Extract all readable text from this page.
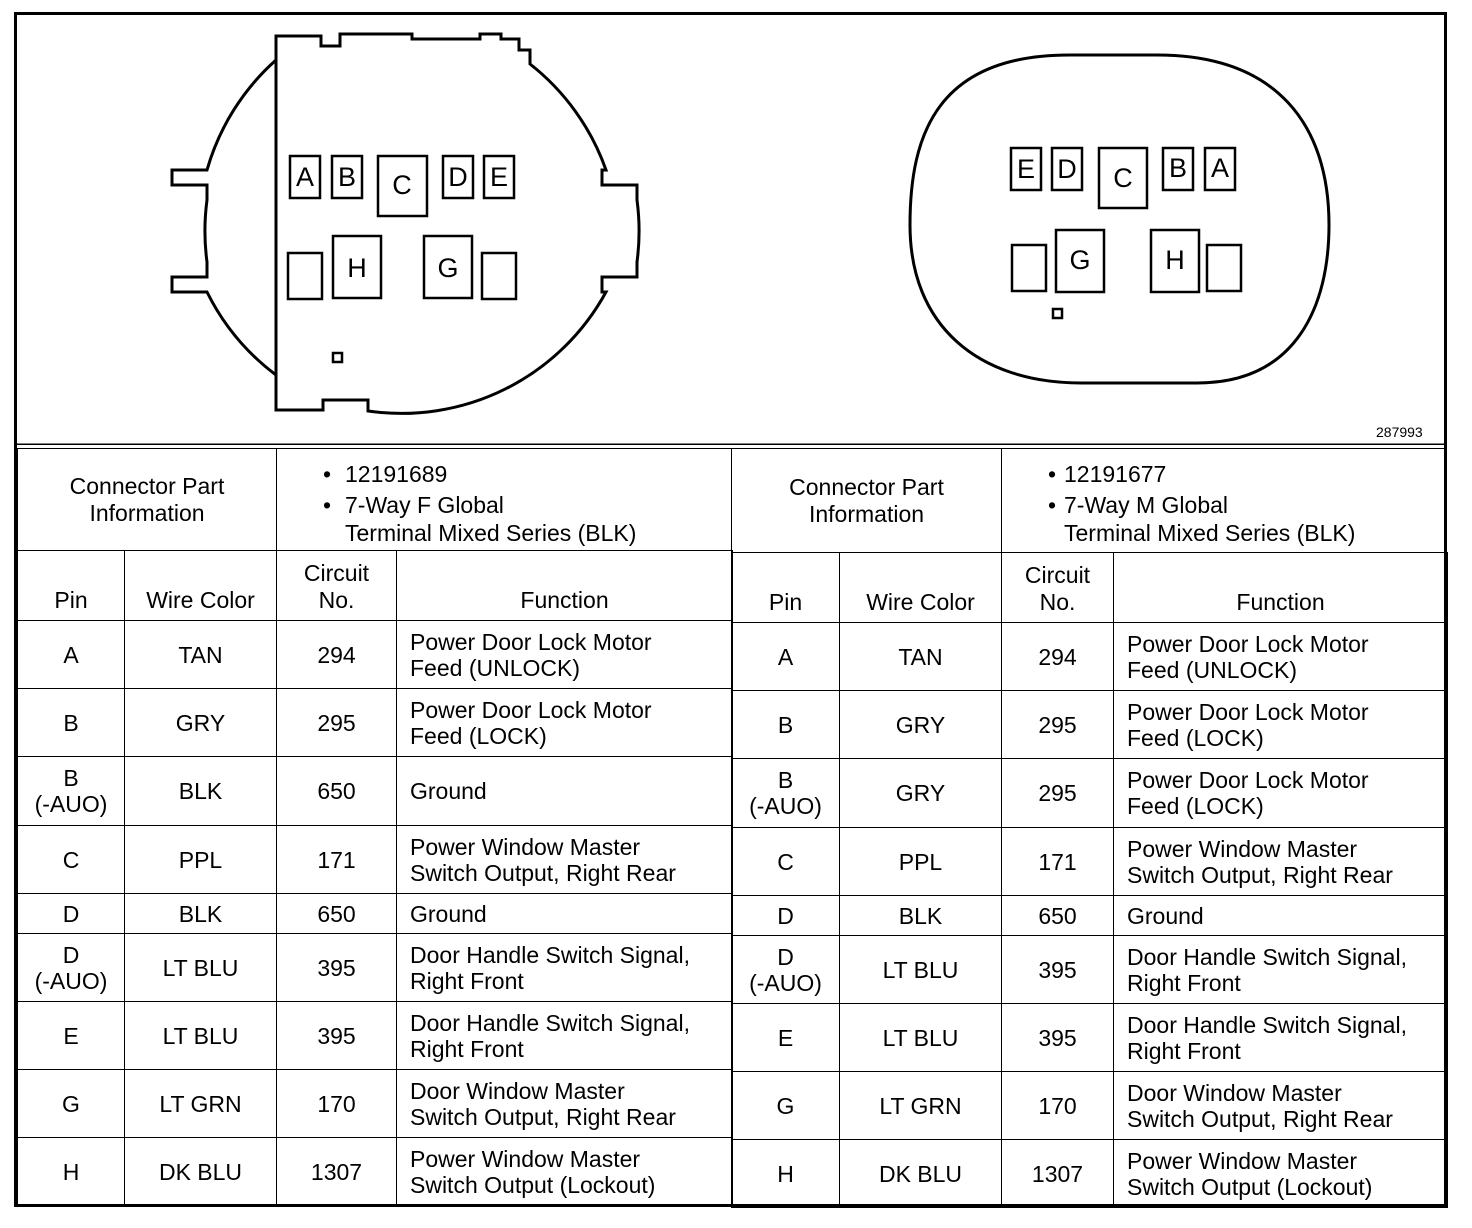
A B C D E
H	G
E D C B A
G	H
287993
Connector Part Information
• 12191689
• 7-Way F Global
Terminal Mixed Series (BLK)
Connector Part Information
• 12191677
• 7-Way M Global
Terminal Mixed Series (BLK)
Pin	Wire Color	Circuit
No.	Function

A	TAN	294	Power Door Lock Motor
Feed (UNLOCK)

B	GRY	295	Power Door Lock Motor
Feed (LOCK)

B
(-AUO)	BLK	650	Ground

C	PPL	171	Power Window Master
Switch Output, Right Rear

D	BLK	650	Ground

D
(-AUO)	LT BLU	395	Door Handle Switch Signal,
Right Front

E	LT BLU	395	Door Handle Switch Signal,
Right Front

G	LT GRN	170	Door Window Master
Switch Output, Right Rear

H	DK BLU	1307	Power Window Master
Switch Output (Lockout)
Pin	Wire Color	Circuit
No.	Function

A	TAN	294	Power Door Lock Motor
Feed (UNLOCK)

B	GRY	295	Power Door Lock Motor
Feed (LOCK)

B
(-AUO)	GRY	295	Power Door Lock Motor
Feed (LOCK)

C	PPL	171	Power Window Master
Switch Output, Right Rear

D	BLK	650	Ground

D
(-AUO)	LT BLU	395	Door Handle Switch Signal,
Right Front

E	LT BLU	395	Door Handle Switch Signal,
Right Front

G	LT GRN	170	Door Window Master
Switch Output, Right Rear

H	DK BLU	1307	Power Window Master
Switch Output (Lockout)
